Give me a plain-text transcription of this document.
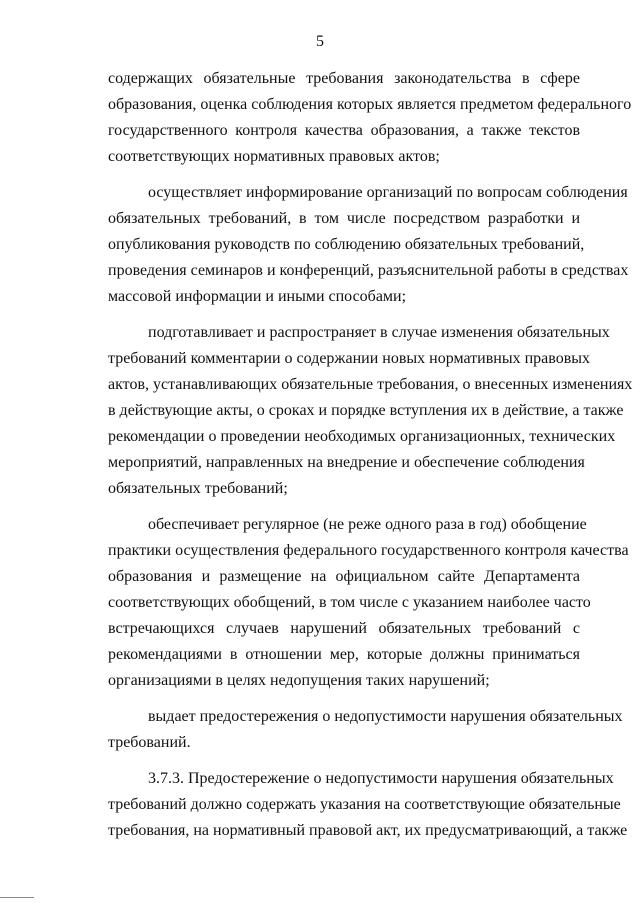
5
содержащих обязательные требования законодательства в сфере
образования, оценка соблюдения которых является предметом федерального
государственного контроля качества образования, а также текстов
соответствующих нормативных правовых актов;
осуществляет информирование организаций по вопросам соблюдения
обязательных требований, в том числе посредством разработки и
опубликования руководств по соблюдению обязательных требований,
проведения семинаров и конференций, разъяснительной работы в средствах
массовой информации и иными способами;
подготавливает и распространяет в случае изменения обязательных
требований комментарии о содержании новых нормативных правовых
актов, устанавливающих обязательные требования, о внесенных изменениях
в действующие акты, о сроках и порядке вступления их в действие, а также
рекомендации о проведении необходимых организационных, технических
мероприятий, направленных на внедрение и обеспечение соблюдения
обязательных требований;
обеспечивает регулярное (не реже одного раза в год) обобщение
практики осуществления федерального государственного контроля качества
образования и размещение на официальном сайте Департамента
соответствующих обобщений, в том числе с указанием наиболее часто
встречающихся случаев нарушений обязательных требований с
рекомендациями в отношении мер, которые должны приниматься
организациями в целях недопущения таких нарушений;
выдает предостережения о недопустимости нарушения обязательных
требований.
3.7.3. Предостережение о недопустимости нарушения обязательных
требований должно содержать указания на соответствующие обязательные
требования, на нормативный правовой акт, их предусматривающий, а также
